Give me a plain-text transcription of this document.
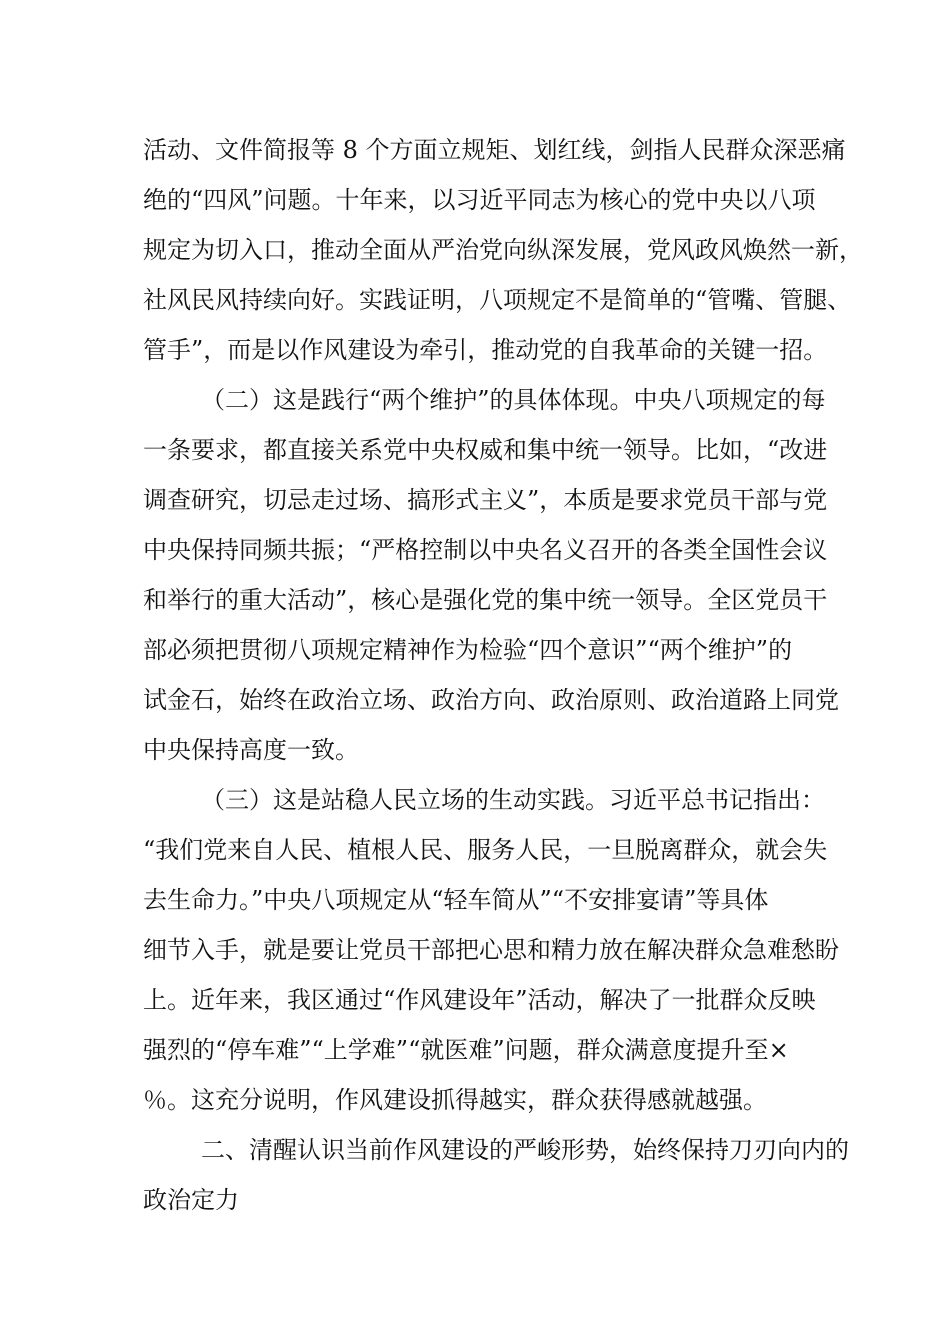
活动、文件简报等 8 个方面立规矩、划红线，剑指人民群众深恶痛

绝的“四风”问题。十年来，以习近平同志为核心的党中央以八项

规定为切入口，推动全面从严治党向纵深发展，党风政风焕然一新，

社风民风持续向好。实践证明，八项规定不是简单的“管嘴、管腿、

管手”，而是以作风建设为牵引，推动党的自我革命的关键一招。

（二）这是践行“两个维护”的具体体现。中央八项规定的每

一条要求，都直接关系党中央权威和集中统一领导。比如，“改进

调查研究，切忌走过场、搞形式主义”，本质是要求党员干部与党

中央保持同频共振；“严格控制以中央名义召开的各类全国性会议

和举行的重大活动”，核心是强化党的集中统一领导。全区党员干

部必须把贯彻八项规定精神作为检验“四个意识”“两个维护”的

试金石，始终在政治立场、政治方向、政治原则、政治道路上同党

中央保持高度一致。

（三）这是站稳人民立场的生动实践。习近平总书记指出：

“我们党来自人民、植根人民、服务人民，一旦脱离群众，就会失

去生命力。”中央八项规定从“轻车简从”“不安排宴请”等具体

细节入手，就是要让党员干部把心思和精力放在解决群众急难愁盼

上。近年来，我区通过“作风建设年”活动，解决了一批群众反映

强烈的“停车难”“上学难”“就医难”问题，群众满意度提升至×

％。这充分说明，作风建设抓得越实，群众获得感就越强。

二、清醒认识当前作风建设的严峻形势，始终保持刀刃向内的

政治定力
